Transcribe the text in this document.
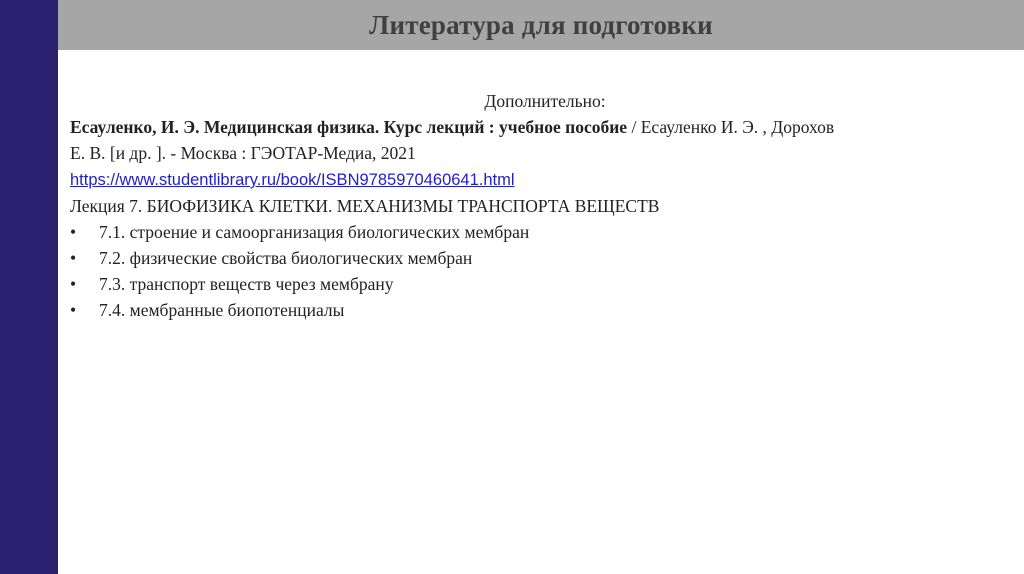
Литература для подготовки
Дополнительно:
Есауленко, И. Э. Медицинская физика. Курс лекций : учебное пособие / Есауленко И. Э. , Дорохов
Е. В. [и др. ]. - Москва : ГЭОТАР-Медиа, 2021
https://www.studentlibrary.ru/book/ISBN9785970460641.html
Лекция 7. БИОФИЗИКА КЛЕТКИ. МЕХАНИЗМЫ ТРАНСПОРТА ВЕЩЕСТВ
•	7.1. строение и самоорганизация биологических мембран
•	7.2. физические свойства биологических мембран
•	7.3. транспорт веществ через мембрану
•	7.4. мембранные биопотенциалы
